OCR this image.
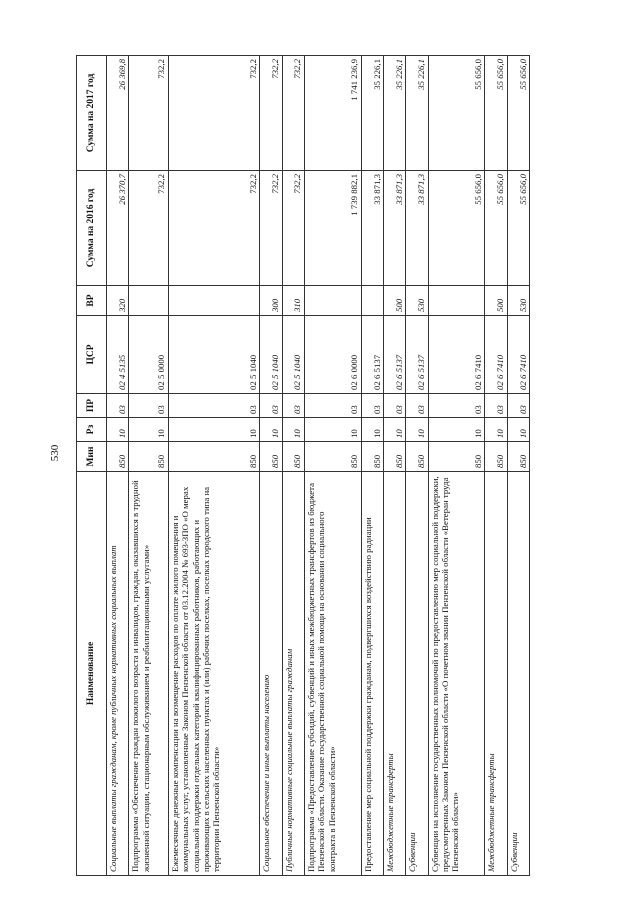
530
Наименование	Мин	Рз	ПР	ЦСР	ВР	Сумма на 2016 год	Сумма на 2017 год
Социальные выплаты гражданам, кроме публичных нормативных социальных выплат	850	10	03	02 4 5135	320	26 370,7	26 369,8
Подпрограмма «Обеспечение граждан пожилого возраста и инвалидов, граждан, оказавшихся в трудной жизненной ситуации, стационарным обслуживанием и реабилитационными услугами»	850	10	03	02 5 0000		732,2	732,2
Ежемесячные денежные компенсации на возмещение расходов по оплате жилого помещения и коммунальных услуг, установленные Законом Пензенской области от 03.12.2004 № 693-ЗПО «О мерах социальной поддержки отдельных категорий квалифицированных работников, работающих и проживающих в сельских населенных пунктах и (или) рабочих поселках, поселках городского типа на территории Пензенской области»	850	10	03	02 5 1040		732,2	732,2
Социальное обеспечение и иные выплаты населению	850	10	03	02 5 1040	300	732,2	732,2
Публичные нормативные социальные выплаты гражданам	850	10	03	02 5 1040	310	732,2	732,2
Подпрограмма «Предоставление субсидий, субвенций и иных межбюджетных трансфертов из бюджета Пензенской области. Оказание государственной социальной помощи на основании социального контракта в Пензенской области»	850	10	03	02 6 0000		1 739 882,1	1 741 236,9
Предоставление мер социальной поддержки гражданам, подвергшихся воздействию радиации	850	10	03	02 6 5137		33 871,3	35 226,1
Межбюджетные трансферты	850	10	03	02 6 5137	500	33 871,3	35 226,1
Субвенции	850	10	03	02 6 5137	530	33 871,3	35 226,1
Субвенции на исполнение государственных полномочий по предоставлению мер социальной поддержки, предусмотренных Законом Пензенской области «О почетном звании Пензенской области «Ветеран труда Пензенской области»	850	10	03	02 6 7410		55 656,0	55 656,0
Межбюджетные трансферты	850	10	03	02 6 7410	500	55 656,0	55 656,0
Субвенции	850	10	03	02 6 7410	530	55 656,0	55 656,0
